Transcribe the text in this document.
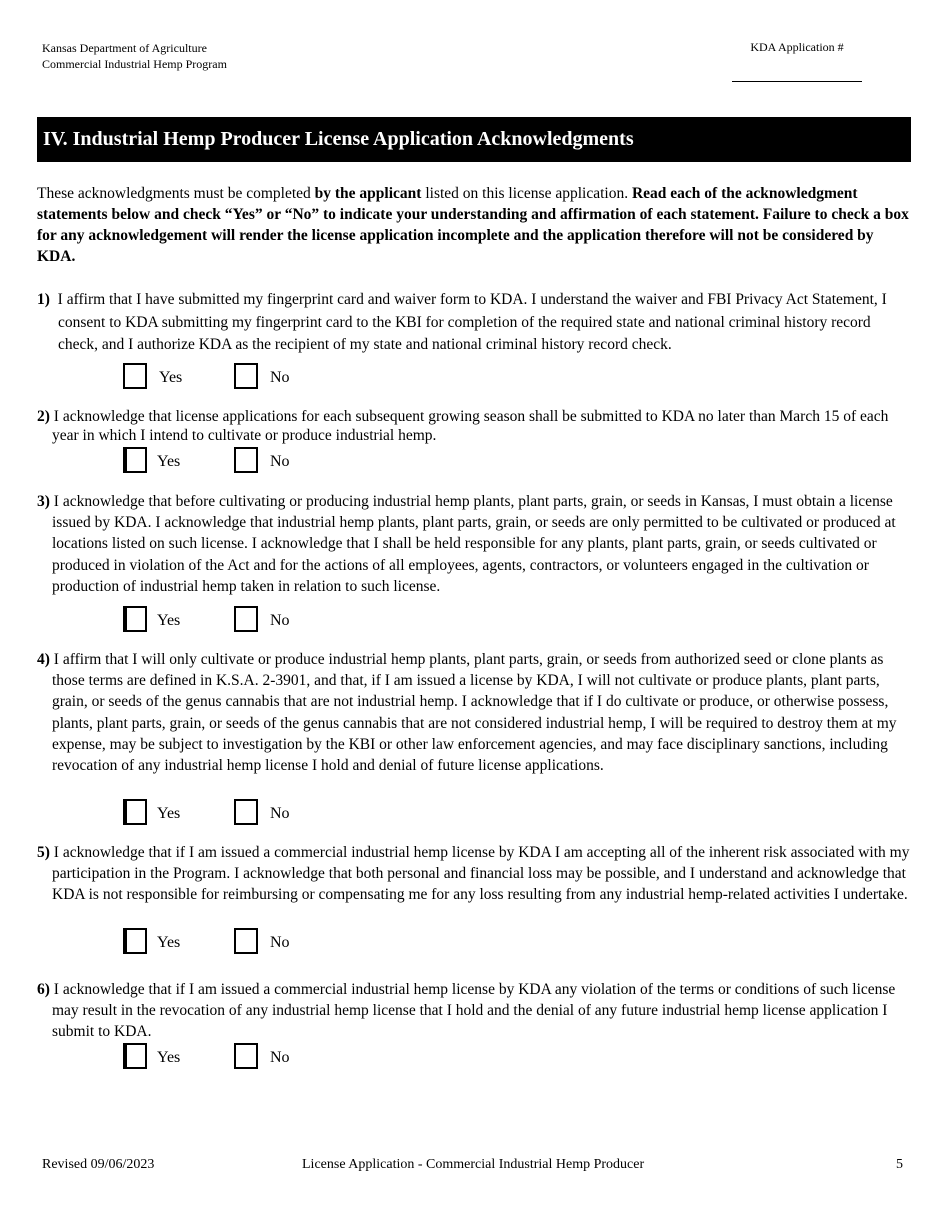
Kansas Department of Agriculture
Commercial Industrial Hemp Program
KDA Application #
IV. Industrial Hemp Producer License Application Acknowledgments
These acknowledgments must be completed by the applicant listed on this license application. Read each of the acknowledgment statements below and check “Yes” or “No” to indicate your understanding and affirmation of each statement. Failure to check a box for any acknowledgement will render the license application incomplete and the application therefore will not be considered by KDA.
1) I affirm that I have submitted my fingerprint card and waiver form to KDA. I understand the waiver and FBI Privacy Act Statement, I consent to KDA submitting my fingerprint card to the KBI for completion of the required state and national criminal history record check, and I authorize KDA as the recipient of my state and national criminal history record check.
Yes	No
2) I acknowledge that license applications for each subsequent growing season shall be submitted to KDA no later than March 15 of each year in which I intend to cultivate or produce industrial hemp.
Yes	No
3) I acknowledge that before cultivating or producing industrial hemp plants, plant parts, grain, or seeds in Kansas, I must obtain a license issued by KDA. I acknowledge that industrial hemp plants, plant parts, grain, or seeds are only permitted to be cultivated or produced at locations listed on such license. I acknowledge that I shall be held responsible for any plants, plant parts, grain, or seeds cultivated or produced in violation of the Act and for the actions of all employees, agents, contractors, or volunteers engaged in the cultivation or production of industrial hemp taken in relation to such license.
Yes	No
4) I affirm that I will only cultivate or produce industrial hemp plants, plant parts, grain, or seeds from authorized seed or clone plants as those terms are defined in K.S.A. 2-3901, and that, if I am issued a license by KDA, I will not cultivate or produce plants, plant parts, grain, or seeds of the genus cannabis that are not industrial hemp. I acknowledge that if I do cultivate or produce, or otherwise possess, plants, plant parts, grain, or seeds of the genus cannabis that are not considered industrial hemp, I will be required to destroy them at my expense, may be subject to investigation by the KBI or other law enforcement agencies, and may face disciplinary sanctions, including revocation of any industrial hemp license I hold and denial of future license applications.
Yes	No
5) I acknowledge that if I am issued a commercial industrial hemp license by KDA I am accepting all of the inherent risk associated with my participation in the Program. I acknowledge that both personal and financial loss may be possible, and I understand and acknowledge that KDA is not responsible for reimbursing or compensating me for any loss resulting from any industrial hemp-related activities I undertake.
Yes	No
6) I acknowledge that if I am issued a commercial industrial hemp license by KDA any violation of the terms or conditions of such license may result in the revocation of any industrial hemp license that I hold and the denial of any future industrial hemp license application I submit to KDA.
Yes	No
Revised 09/06/2023	License Application - Commercial Industrial Hemp Producer	5
